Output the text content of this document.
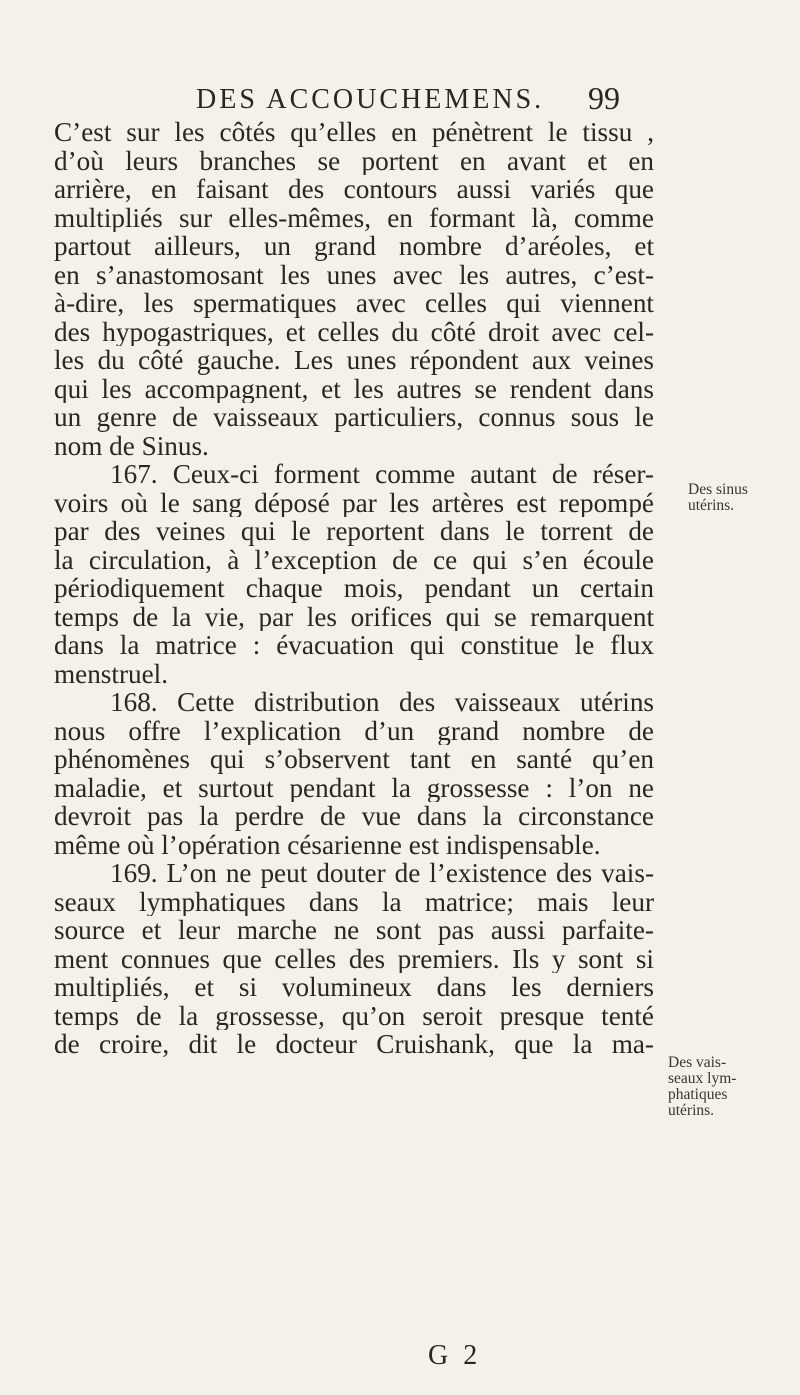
DES ACCOUCHEMENS. 99

C’est sur les côtés qu’elles en pénètrent le tissu ,
d’où leurs branches se portent en avant et en
arrière, en faisant des contours aussi variés que
multipliés sur elles-mêmes, en formant là, comme
partout ailleurs, un grand nombre d’aréoles, et
en s’anastomosant les unes avec les autres, c’est-
à-dire, les spermatiques avec celles qui viennent
des hypogastriques, et celles du côté droit avec cel-
les du côté gauche. Les unes répondent aux veines
qui les accompagnent, et les autres se rendent dans
un genre de vaisseaux particuliers, connus sous le
nom de Sinus.

167. Ceux-ci forment comme autant de réser-
voirs où le sang déposé par les artères est repompé
par des veines qui le reportent dans le torrent de
la circulation, à l’exception de ce qui s’en écoule
périodiquement chaque mois, pendant un certain
temps de la vie, par les orifices qui se remarquent
dans la matrice : évacuation qui constitue le flux
menstruel.

168. Cette distribution des vaisseaux utérins
nous offre l’explication d’un grand nombre de
phénomènes qui s’observent tant en santé qu’en
maladie, et surtout pendant la grossesse : l’on ne
devroit pas la perdre de vue dans la circonstance
même où l’opération césarienne est indispensable.

169. L’on ne peut douter de l’existence des vais-
seaux lymphatiques dans la matrice; mais leur
source et leur marche ne sont pas aussi parfaite-
ment connues que celles des premiers. Ils y sont si
multipliés, et si volumineux dans les derniers
temps de la grossesse, qu’on seroit presque tenté
de croire, dit le docteur Cruishank, que la ma-

Des sinus
utérins.
Des vais-
seaux lym-
phatiques
utérins.
G 2
